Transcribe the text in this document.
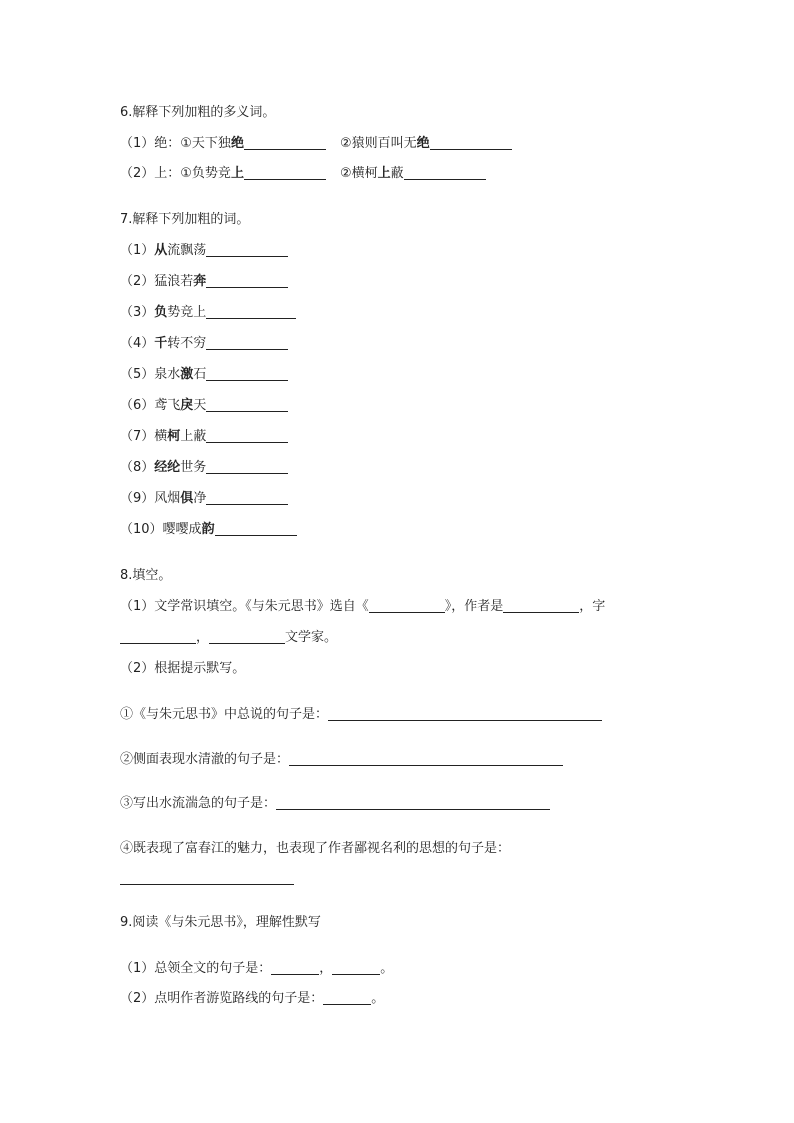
6.解释下列加粗的多义词。
（1）绝：①天下独绝	②猿则百叫无绝
（2）上：①负势竞上	②横柯上蔽
7.解释下列加粗的词。
（1）从流飘荡
（2）猛浪若奔
（3）负势竞上
（4）千转不穷
（5）泉水激石
（6）鸢飞戾天
（7）横柯上蔽
（8）经纶世务
（9）风烟俱净
（10）嘤嘤成韵
8.填空。
（1）文学常识填空。《与朱元思书》选自《	》，作者是	，字
，	文学家。
（2）根据提示默写。
①《与朱元思书》中总说的句子是：
②侧面表现水清澈的句子是：
③写出水流湍急的句子是：
④既表现了富春江的魅力，也表现了作者鄙视名利的思想的句子是：
9.阅读《与朱元思书》，理解性默写
（1）总领全文的句子是：	，	。
（2）点明作者游览路线的句子是：	。
